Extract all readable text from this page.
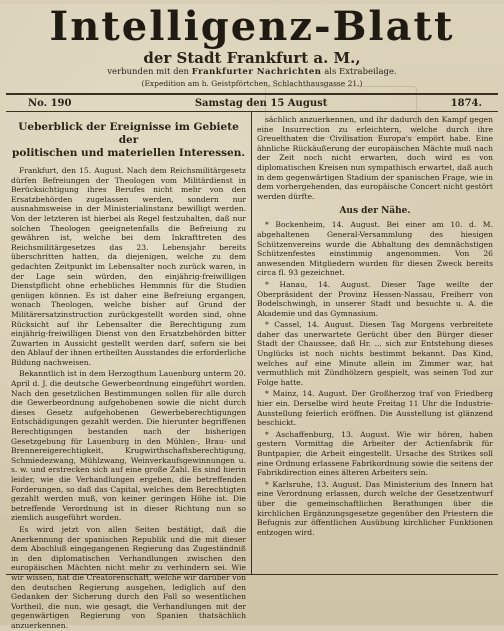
Intelligenz-Blatt
der Stadt Frankfurt a. M.,
verbunden mit den Frankfurter Nachrichten als Extrabeilage.
(Expedition am h. Geistpförtchen, Schlachthausgasse 21.)
No. 190	Samstag den 15 August	1874.
Ueberblick der Ereignisse im Gebiete der
politischen und materiellen Interessen.

Frankfurt, den 15. August. Nach dem Reichsmilitärgesetz dürfen Befreiungen der Theologen vom Militärdienst in Berücksichtigung ihres Berufes nicht mehr von den Ersatzbehörden zugelassen werden, sondern nur ausnahmsweise in der Ministerialinstanz bewilligt werden. Von der letzteren ist hierbei als Regel festzuhalten, daß nur solchen Theologen geeignetenfalls die Befreiung zu gewähren ist, welche bei dem Inkrafttreten des Reichsmilitärgesetzes das 23. Lebensjahr bereits überschritten hatten, da diejenigen, welche zu dem gedachten Zeitpunkt im Lebensalter noch zurück waren, in der Lage sein würden, den einjährig-freiwilligen Dienstpflicht ohne erhebliches Hemmnis für die Studien genügen können. Es ist daher eine Befreiung ergangen, wonach Theologen, welche bisher auf Grund der Militärersatzinstruction zurückgestellt worden sind, ohne Rücksicht auf ihr Lebensalter die Berechtigung zum einjährig-freiwilligen Dienst von den Ersatzbehörden bitter Zuwarten in Aussicht gestellt werden darf, sofern sie bei den Ablauf der ihnen ertheilten Ausstandes die erforderliche Bildung nachweisen.

Bekanntlich ist in dem Herzogthum Lauenburg unterm 20. April d. J. die deutsche Gewerbeordnung eingeführt worden. Nach den gesetzlichen Bestimmungen sollen für alle durch die Gewerbeordnung aufgehobenen sowie die nicht durch dieses Gesetz aufgehobenen Gewerbeberechtigungen Entschädigungen gezahlt werden. Die hierunter begriffenen Berechtigungen bestanden nach der bisherigen Gesetzgebung für Lauenburg in den Mühlen-, Brau- und Brennereigerechtigkeit, Krugwirthschaftsberechtigung, Schmiedezwang, Mühlzwang, Weinverkaufsgewinnungen u. s. w. und erstrecken sich auf eine große Zahl. Es sind hierin leider, wie die Verhandlungen ergeben, die betreffenden Forderungen, so daß das Capital, welches dem Berechtigten gezahlt werden muß, von keiner geringen Höhe ist. Die betreffende Verordnung ist in dieser Richtung nun so ziemlich ausgeführt worden.

Es wird jetzt von allen Seiten bestätigt, daß die Anerkennung der spanischen Republik und die mit dieser dem Abschluß eingegangenen Regierung das Zugeständniß in den diplomatischen Verhandlungen zwischen den europäischen Mächten nicht mehr zu verhindern sei. Wie wir wissen, hat die Creatorenschaft, welche wir darüber von den deutschen Regierung ausgehen, lediglich auf den Gedanken der Sicherung durch den Fall so wesentlichen Vortheil, die nun, wie gesagt, die Verhandlungen mit der gegenwärtigen Regierung von Spanien thatsächlich anzuerkennen.

sächlich anzuerkennen, und ihr dadurch den Kampf gegen eine Insurrection zu erleichtern, welche durch ihre Greuelthaten die Civilisation Europa's empört habe. Eine ähnliche Rückäußerung der europäischen Mächte muß nach der Zeit noch nicht erwarten, doch wird es von diplomatischen Kreisen nun sympathisch erwartet, daß auch in dem gegenwärtigen Stadium der spanischen Frage, wie in dem vorhergehenden, das europäische Concert nicht gestört werden dürfte.

Aus der Nähe.

* Bockenheim, 14. August. Bei einer am 10. d. M. abgehaltenen General-Versammlung des hiesigen Schützenvereins wurde die Abhaltung des demnächstigen Schützenfestes einstimmig angenommen. Von 26 anwesenden Mitgliedern wurden für diesen Zweck bereits circa fl. 93 gezeichnet.

* Hanau, 14. August. Dieser Tage weilte der Oberpräsident der Provinz Hessen-Nassau, Freiherr von Bodelschwingh, in unserer Stadt und besuchte u. A. die Akademie und das Gymnasium.

* Cassel, 14. August. Diesen Tag Morgens verbreitete daher das unerwartete Gerücht über den Bürger dieser Stadt der Chaussee, daß Hr. ... sich zur Entstehung dieses Unglücks ist noch nichts bestimmt bekannt. Das Kind, welches auf eine Minute allein im Zimmer war, hat vermuthlich mit Zündhölzern gespielt, was seinen Tod zur Folge hatte.

* Mainz, 14. August. Der Großherzog traf von Friedberg hier ein. Derselbe wird heute Freitag 11 Uhr die Industrie-Ausstellung feierlich eröffnen. Die Ausstellung ist glänzend beschickt.

* Aschaffenburg, 13. August. Wie wir hören, haben gestern Vormittag die Arbeiter der Actienfabrik für Buntpapier, die Arbeit eingestellt. Ursache des Strikes soll eine Ordnung erlassene Fabrikordnung sowie die seitens der Fabrikdirection eines älteren Arbeiters sein.

* Karlsruhe, 13. August. Das Ministerium des Innern hat eine Verordnung erlassen, durch welche der Gesetzentwurf über die gemeinschaftlichen Berathungen über die kirchlichen Ergänzungsgesetze gegenüber den Priestern die Befugnis zur öffentlichen Ausübung kirchlicher Funktionen entzogen wird.
